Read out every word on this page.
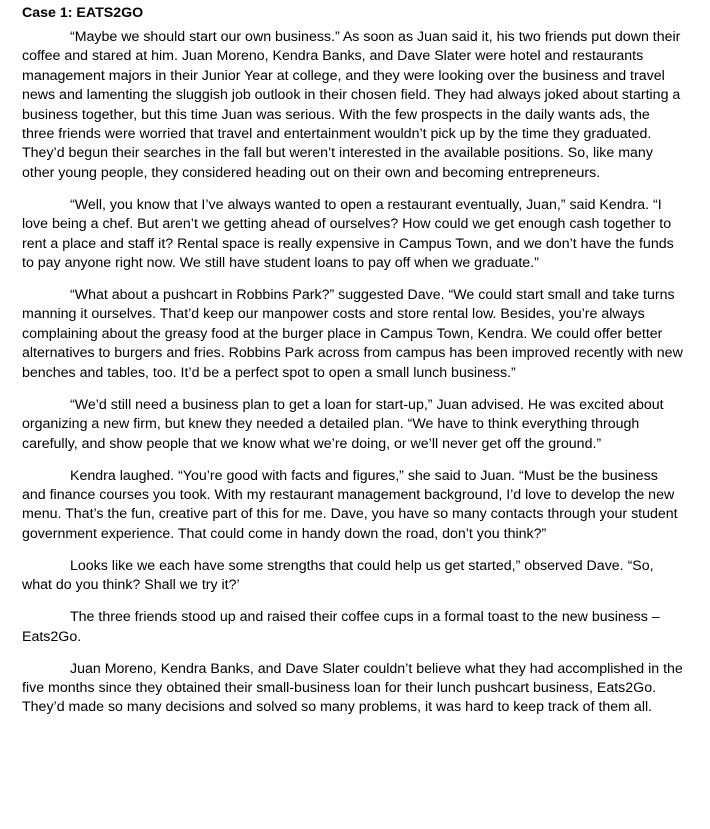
Case 1: EATS2GO

“Maybe we should start our own business.” As soon as Juan said it, his two friends put down their coffee and stared at him. Juan Moreno, Kendra Banks, and Dave Slater were hotel and restaurants management majors in their Junior Year at college, and they were looking over the business and travel news and lamenting the sluggish job outlook in their chosen field. They had always joked about starting a business together, but this time Juan was serious. With the few prospects in the daily wants ads, the three friends were worried that travel and entertainment wouldn’t pick up by the time they graduated. They’d begun their searches in the fall but weren’t interested in the available positions. So, like many other young people, they considered heading out on their own and becoming entrepreneurs.

“Well, you know that I’ve always wanted to open a restaurant eventually, Juan,” said Kendra. “I love being a chef. But aren’t we getting ahead of ourselves? How could we get enough cash together to rent a place and staff it? Rental space is really expensive in Campus Town, and we don’t have the funds to pay anyone right now. We still have student loans to pay off when we graduate.”

“What about a pushcart in Robbins Park?” suggested Dave. “We could start small and take turns manning it ourselves. That’d keep our manpower costs and store rental low. Besides, you’re always complaining about the greasy food at the burger place in Campus Town, Kendra. We could offer better alternatives to burgers and fries. Robbins Park across from campus has been improved recently with new benches and tables, too. It’d be a perfect spot to open a small lunch business.”

“We’d still need a business plan to get a loan for start-up,” Juan advised. He was excited about organizing a new firm, but knew they needed a detailed plan. “We have to think everything through carefully, and show people that we know what we’re doing, or we’ll never get off the ground.”

Kendra laughed. “You’re good with facts and figures,” she said to Juan. “Must be the business and finance courses you took. With my restaurant management background, I’d love to develop the new menu. That’s the fun, creative part of this for me. Dave, you have so many contacts through your student government experience. That could come in handy down the road, don’t you think?”

Looks like we each have some strengths that could help us get started,” observed Dave. “So, what do you think? Shall we try it?’

The three friends stood up and raised their coffee cups in a formal toast to the new business – Eats2Go.

Juan Moreno, Kendra Banks, and Dave Slater couldn’t believe what they had accomplished in the five months since they obtained their small-business loan for their lunch pushcart business, Eats2Go. They’d made so many decisions and solved so many problems, it was hard to keep track of them all.
